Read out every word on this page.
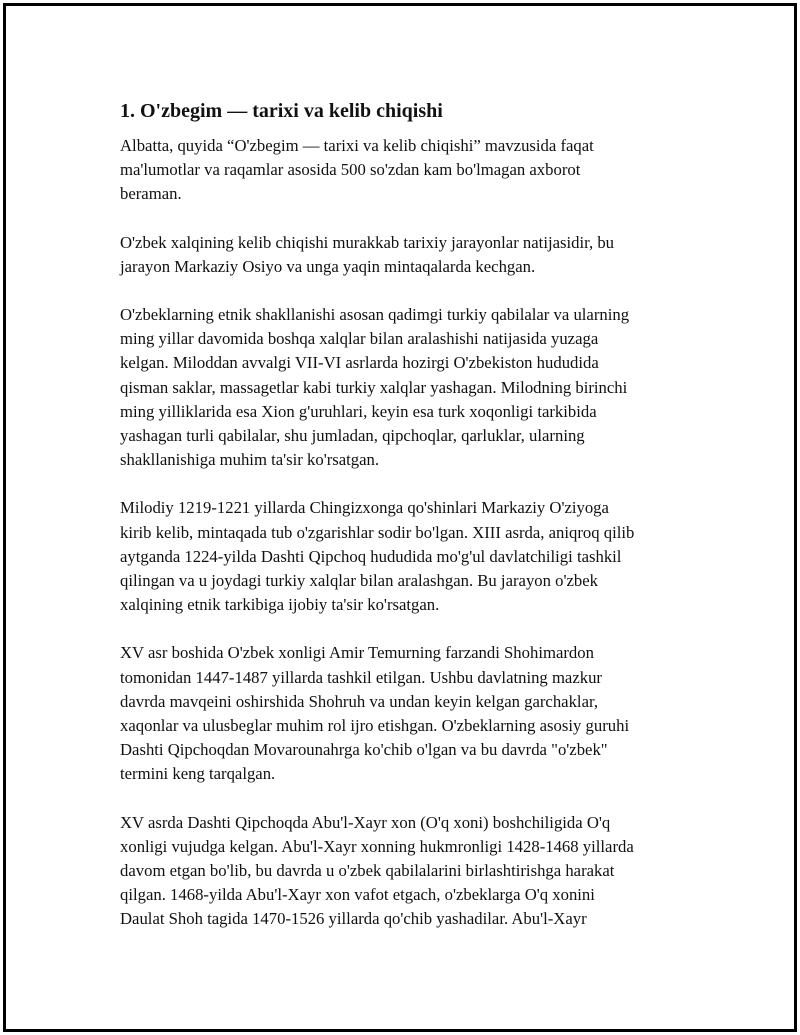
1. O'zbegim — tarixi va kelib chiqishi

Albatta, quyida “O'zbegim — tarixi va kelib chiqishi” mavzusida faqat
ma'lumotlar va raqamlar asosida 500 so'zdan kam bo'lmagan axborot
beraman.

O'zbek xalqining kelib chiqishi murakkab tarixiy jarayonlar natijasidir, bu
jarayon Markaziy Osiyo va unga yaqin mintaqalarda kechgan.

O'zbeklarning etnik shakllanishi asosan qadimgi turkiy qabilalar va ularning
ming yillar davomida boshqa xalqlar bilan aralashishi natijasida yuzaga
kelgan. Miloddan avvalgi VII-VI asrlarda hozirgi O'zbekiston hududida
qisman saklar, massagetlar kabi turkiy xalqlar yashagan. Milodning birinchi
ming yilliklarida esa Xion g'uruhlari, keyin esa turk xoqonligi tarkibida
yashagan turli qabilalar, shu jumladan, qipchoqlar, qarluklar, ularning
shakllanishiga muhim ta'sir ko'rsatgan.

Milodiy 1219-1221 yillarda Chingizxonga qo'shinlari Markaziy O'ziyoga
kirib kelib, mintaqada tub o'zgarishlar sodir bo'lgan. XIII asrda, aniqroq qilib
aytganda 1224-yilda Dashti Qipchoq hududida mo'g'ul davlatchiligi tashkil
qilingan va u joydagi turkiy xalqlar bilan aralashgan. Bu jarayon o'zbek
xalqining etnik tarkibiga ijobiy ta'sir ko'rsatgan.

XV asr boshida O'zbek xonligi Amir Temurning farzandi Shohimardon
tomonidan 1447-1487 yillarda tashkil etilgan. Ushbu davlatning mazkur
davrda mavqeini oshirshida Shohruh va undan keyin kelgan garchaklar,
xaqonlar va ulusbeglar muhim rol ijro etishgan. O'zbeklarning asosiy guruhi
Dashti Qipchoqdan Movarounahrga ko'chib o'lgan va bu davrda "o'zbek"
termini keng tarqalgan.

XV asrda Dashti Qipchoqda Abu'l-Xayr xon (O'q xoni) boshchiligida O'q
xonligi vujudga kelgan. Abu'l-Xayr xonning hukmronligi 1428-1468 yillarda
davom etgan bo'lib, bu davrda u o'zbek qabilalarini birlashtirishga harakat
qilgan. 1468-yilda Abu'l-Xayr xon vafot etgach, o'zbeklarga O'q xonini
Daulat Shoh tagida 1470-1526 yillarda qo'chib yashadilar. Abu'l-Xayr
